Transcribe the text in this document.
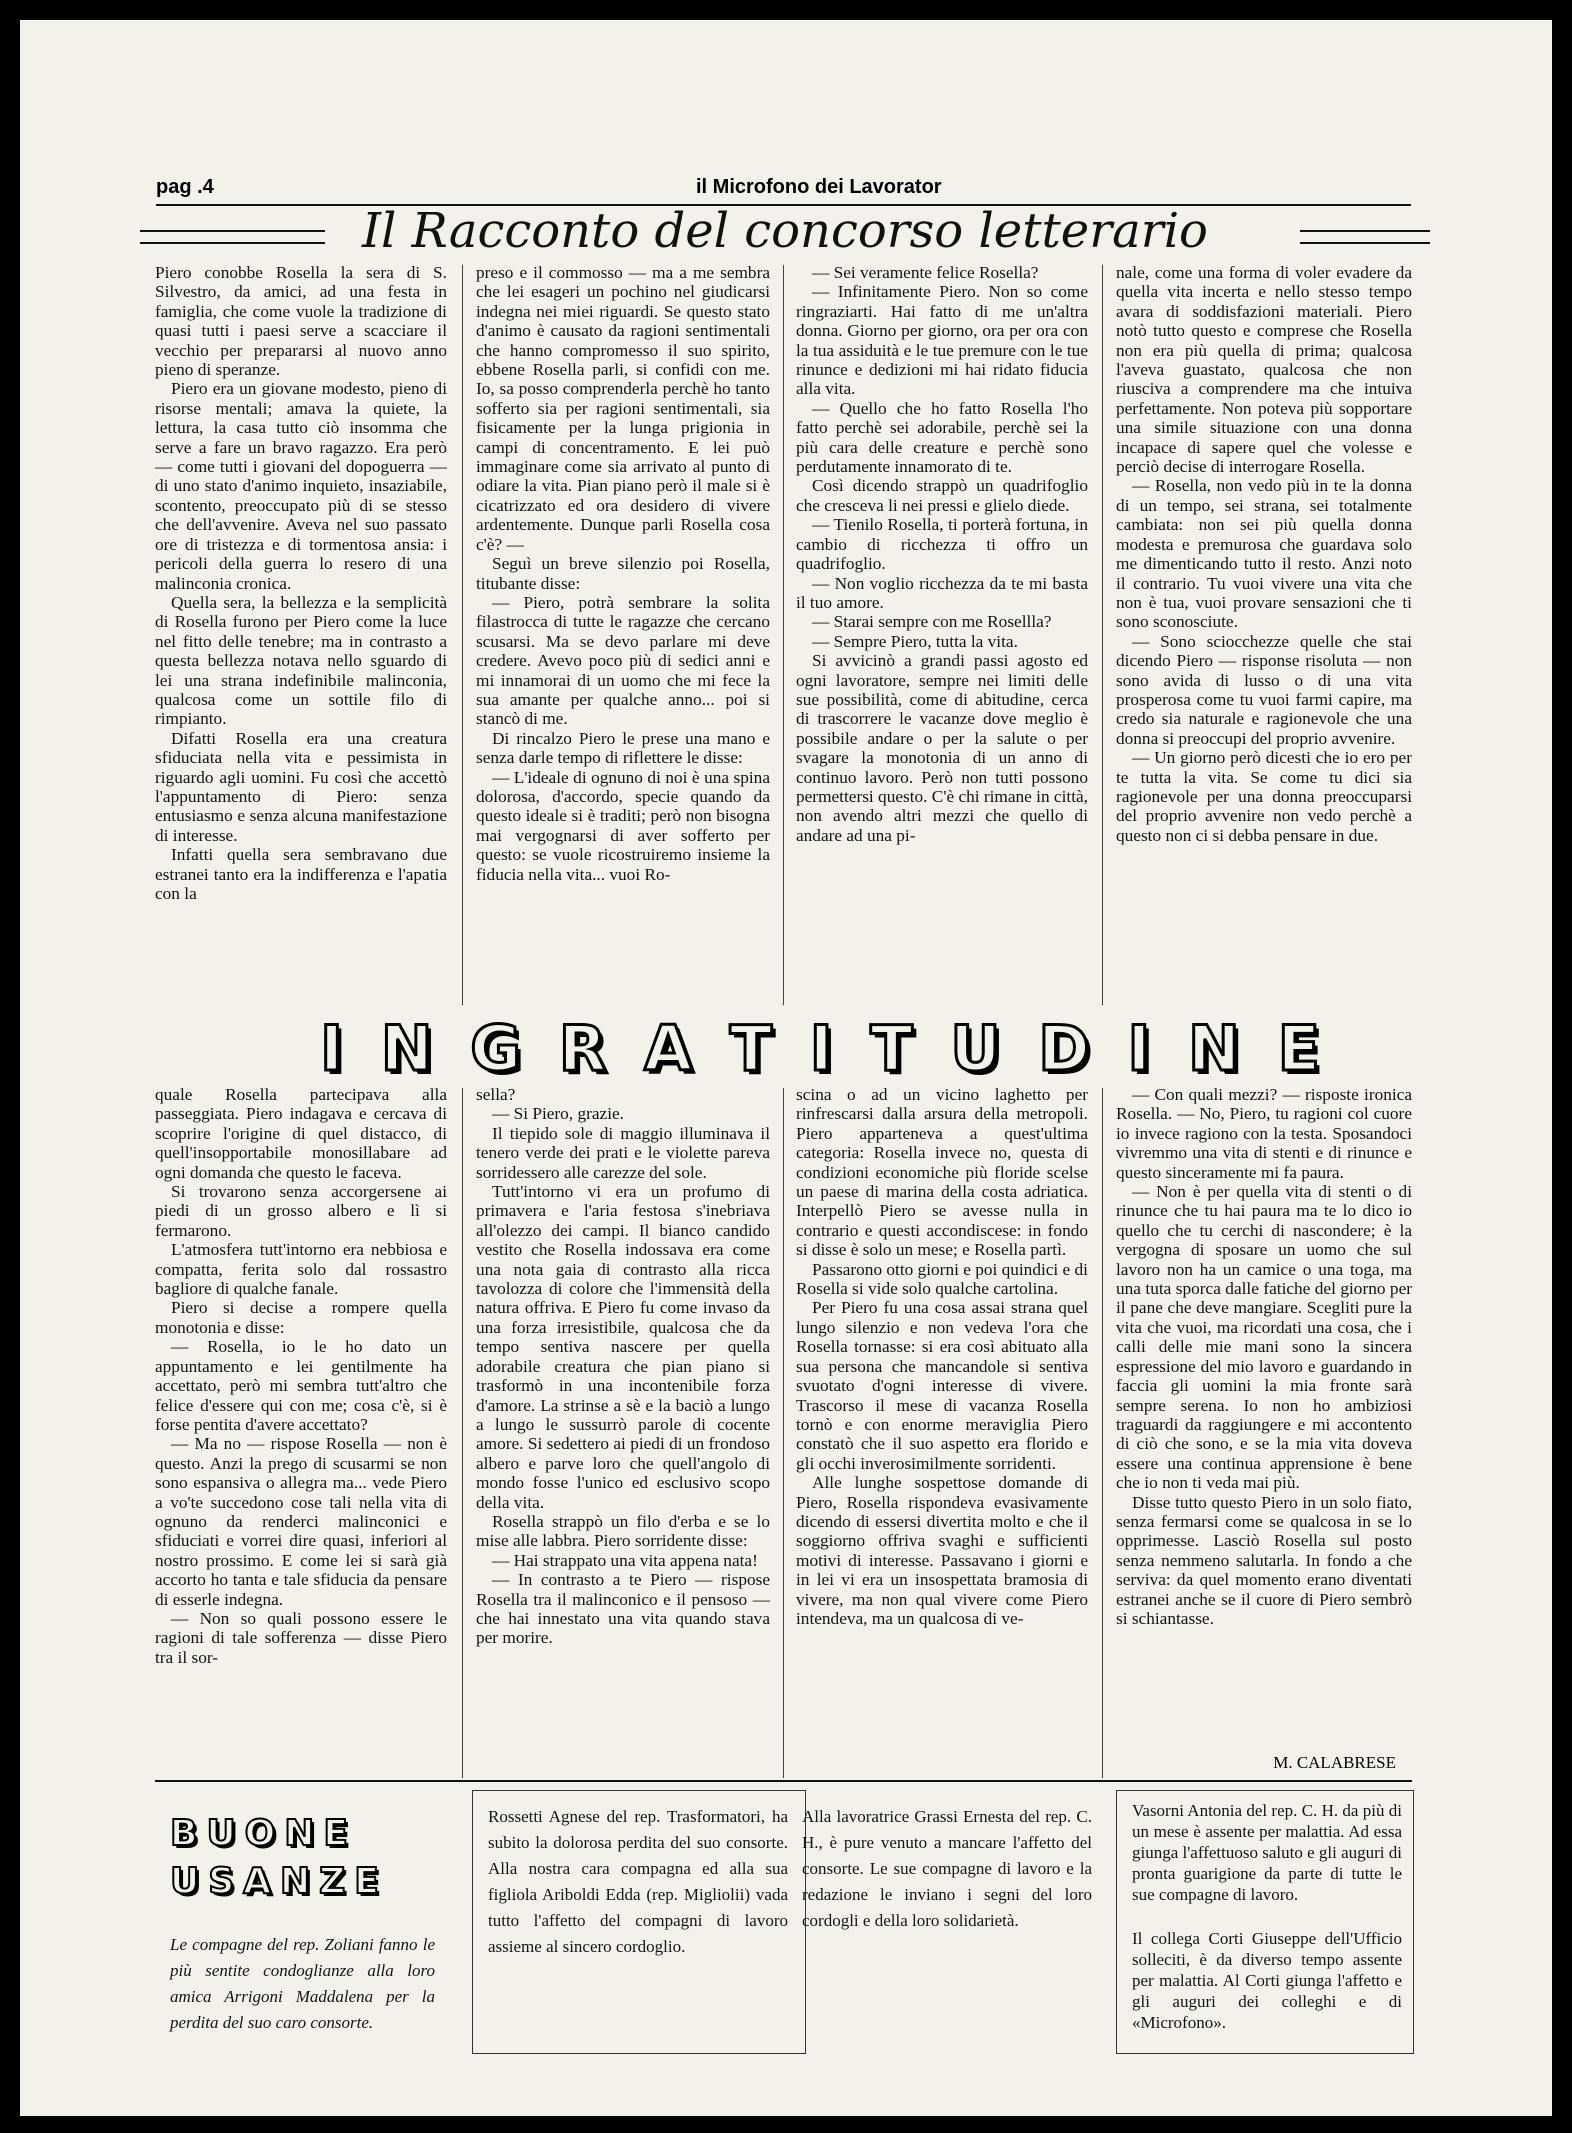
pag .4	il Microfono dei Lavorator
Il Racconto del concorso letterario

Piero conobbe Rosella la sera di S. Silvestro, da amici, ad una festa in famiglia, che come vuole la tradizione di quasi tutti i paesi serve a scacciare il vecchio per prepararsi al nuovo anno pieno di speranze.

Piero era un giovane modesto, pieno di risorse mentali; amava la quiete, la lettura, la casa tutto ciò insomma che serve a fare un bravo ragazzo. Era però — come tutti i giovani del dopoguerra — di uno stato d'animo inquieto, insaziabile, scontento, preoccupato più di se stesso che dell'avvenire. Aveva nel suo passato ore di tristezza e di tormentosa ansia: i pericoli della guerra lo resero di una malinconia cronica.

Quella sera, la bellezza e la semplicità di Rosella furono per Piero come la luce nel fitto delle tenebre; ma in contrasto a questa bellezza notava nello sguardo di lei una strana indefinibile malinconia, qualcosa come un sottile filo di rimpianto.

Difatti Rosella era una creatura sfiduciata nella vita e pessimista in riguardo agli uomini. Fu così che accettò l'appuntamento di Piero: senza entusiasmo e senza alcuna manifestazione di interesse.

Infatti quella sera sembravano due estranei tanto era la indifferenza e l'apatia con la

preso e il commosso — ma a me sembra che lei esageri un pochino nel giudicarsi indegna nei miei riguardi. Se questo stato d'animo è causato da ragioni sentimentali che hanno compromesso il suo spirito, ebbene Rosella parli, si confidi con me. Io, sa posso comprenderla perchè ho tanto sofferto sia per ragioni sentimentali, sia fisicamente per la lunga prigionia in campi di concentramento. E lei può immaginare come sia arrivato al punto di odiare la vita. Pian piano però il male si è cicatrizzato ed ora desidero di vivere ardentemente. Dunque parli Rosella cosa c'è? —

Seguì un breve silenzio poi Rosella, titubante disse:

— Piero, potrà sembrare la solita filastrocca di tutte le ragazze che cercano scusarsi. Ma se devo parlare mi deve credere. Avevo poco più di sedici anni e mi innamorai di un uomo che mi fece la sua amante per qualche anno... poi si stancò di me.

Di rincalzo Piero le prese una mano e senza darle tempo di riflettere le disse:

— L'ideale di ognuno di noi è una spina dolorosa, d'accordo, specie quando da questo ideale si è traditi; però non bisogna mai vergognarsi di aver sofferto per questo: se vuole ricostruiremo insieme la fiducia nella vita... vuoi Ro-

— Sei veramente felice Rosella?

— Infinitamente Piero. Non so come ringraziarti. Hai fatto di me un'altra donna. Giorno per giorno, ora per ora con la tua assiduità e le tue premure con le tue rinunce e dedizioni mi hai ridato fiducia alla vita.

— Quello che ho fatto Rosella l'ho fatto perchè sei adorabile, perchè sei la più cara delle creature e perchè sono perdutamente innamorato di te.

Così dicendo strappò un quadrifoglio che cresceva li nei pressi e glielo diede.

— Tienilo Rosella, ti porterà fortuna, in cambio di ricchezza ti offro un quadrifoglio.

— Non voglio ricchezza da te mi basta il tuo amore.

— Starai sempre con me Rosellla?

— Sempre Piero, tutta la vita.

Si avvicinò a grandi passi agosto ed ogni lavoratore, sempre nei limiti delle sue possibilità, come di abitudine, cerca di trascorrere le vacanze dove meglio è possibile andare o per la salute o per svagare la monotonia di un anno di continuo lavoro. Però non tutti possono permettersi questo. C'è chi rimane in città, non avendo altri mezzi che quello di andare ad una pi-

nale, come una forma di voler evadere da quella vita incerta e nello stesso tempo avara di soddisfazioni materiali. Piero notò tutto questo e comprese che Rosella non era più quella di prima; qualcosa l'aveva guastato, qualcosa che non riusciva a comprendere ma che intuiva perfettamente. Non poteva più sopportare una simile situazione con una donna incapace di sapere quel che volesse e perciò decise di interrogare Rosella.

— Rosella, non vedo più in te la donna di un tempo, sei strana, sei totalmente cambiata: non sei più quella donna modesta e premurosa che guardava solo me dimenticando tutto il resto. Anzi noto il contrario. Tu vuoi vivere una vita che non è tua, vuoi provare sensazioni che ti sono sconosciute.

— Sono sciocchezze quelle che stai dicendo Piero — risponse risoluta — non sono avida di lusso o di una vita prosperosa come tu vuoi farmi capire, ma credo sia naturale e ragionevole che una donna si preoccupi del proprio avvenire.

— Un giorno però dicesti che io ero per te tutta la vita. Se come tu dici sia ragionevole per una donna preoccuparsi del proprio avvenire non vedo perchè a questo non ci si debba pensare in due.

I N G R A T I T U D I N E

quale Rosella partecipava alla passeggiata. Piero indagava e cercava di scoprire l'origine di quel distacco, di quell'insopportabile monosillabare ad ogni domanda che questo le faceva.

Si trovarono senza accorgersene ai piedi di un grosso albero e lì si fermarono.

L'atmosfera tutt'intorno era nebbiosa e compatta, ferita solo dal rossastro bagliore di qualche fanale.

Piero si decise a rompere quella monotonia e disse:

— Rosella, io le ho dato un appuntamento e lei gentilmente ha accettato, però mi sembra tutt'altro che felice d'essere qui con me; cosa c'è, si è forse pentita d'avere accettato?

— Ma no — rispose Rosella — non è questo. Anzi la prego di scusarmi se non sono espansiva o allegra ma... vede Piero a vo'te succedono cose tali nella vita di ognuno da renderci malinconici e sfiduciati e vorrei dire quasi, inferiori al nostro prossimo. E come lei si sarà già accorto ho tanta e tale sfiducia da pensare di esserle indegna.

— Non so quali possono essere le ragioni di tale sofferenza — disse Piero tra il sor-

sella?

— Si Piero, grazie.

Il tiepido sole di maggio illuminava il tenero verde dei prati e le violette pareva sorridessero alle carezze del sole.

Tutt'intorno vi era un profumo di primavera e l'aria festosa s'inebriava all'olezzo dei campi. Il bianco candido vestito che Rosella indossava era come una nota gaia di contrasto alla ricca tavolozza di colore che l'immensità della natura offriva. E Piero fu come invaso da una forza irresistibile, qualcosa che da tempo sentiva nascere per quella adorabile creatura che pian piano si trasformò in una incontenibile forza d'amore. La strinse a sè e la baciò a lungo a lungo le sussurrò parole di cocente amore. Si sedettero ai piedi di un frondoso albero e parve loro che quell'angolo di mondo fosse l'unico ed esclusivo scopo della vita.

Rosella strappò un filo d'erba e se lo mise alle labbra. Piero sorridente disse:

— Hai strappato una vita appena nata!

— In contrasto a te Piero — rispose Rosella tra il malinconico e il pensoso — che hai innestato una vita quando stava per morire.

scina o ad un vicino laghetto per rinfrescarsi dalla arsura della metropoli. Piero apparteneva a quest'ultima categoria: Rosella invece no, questa di condizioni economiche più floride scelse un paese di marina della costa adriatica. Interpellò Piero se avesse nulla in contrario e questi accondiscese: in fondo si disse è solo un mese; e Rosella partì.

Passarono otto giorni e poi quindici e di Rosella si vide solo qualche cartolina.

Per Piero fu una cosa assai strana quel lungo silenzio e non vedeva l'ora che Rosella tornasse: si era così abituato alla sua persona che mancandole si sentiva svuotato d'ogni interesse di vivere. Trascorso il mese di vacanza Rosella tornò e con enorme meraviglia Piero constatò che il suo aspetto era florido e gli occhi inverosimilmente sorridenti.

Alle lunghe sospettose domande di Piero, Rosella rispondeva evasivamente dicendo di essersi divertita molto e che il soggiorno offriva svaghi e sufficienti motivi di interesse. Passavano i giorni e in lei vi era un insospettata bramosia di vivere, ma non qual vivere come Piero intendeva, ma un qualcosa di ve-

— Con quali mezzi? — risposte ironica Rosella. — No, Piero, tu ragioni col cuore io invece ragiono con la testa. Sposandoci vivremmo una vita di stenti e di rinunce e questo sinceramente mi fa paura.

— Non è per quella vita di stenti o di rinunce che tu hai paura ma te lo dico io quello che tu cerchi di nascondere; è la vergogna di sposare un uomo che sul lavoro non ha un camice o una toga, ma una tuta sporca dalle fatiche del giorno per il pane che deve mangiare. Scegliti pure la vita che vuoi, ma ricordati una cosa, che i calli delle mie mani sono la sincera espressione del mio lavoro e guardando in faccia gli uomini la mia fronte sarà sempre serena. Io non ho ambiziosi traguardi da raggiungere e mi accontento di ciò che sono, e se la mia vita doveva essere una continua apprensione è bene che io non ti veda mai più.

Disse tutto questo Piero in un solo fiato, senza fermarsi come se qualcosa in se lo opprimesse. Lasciò Rosella sul posto senza nemmeno salutarla. In fondo a che serviva: da quel momento erano diventati estranei anche se il cuore di Piero sembrò si schiantasse.

M. CALABRESE
BUONE
USANZE
Le compagne del rep. Zoliani fanno le più sentite condoglianze alla loro amica Arrigoni Maddalena per la perdita del suo caro consorte.
Rossetti Agnese del rep. Trasformatori, ha subito la dolorosa perdita del suo consorte. Alla nostra cara compagna ed alla sua figliola Ariboldi Edda (rep. Migliolii) vada tutto l'affetto del compagni di lavoro assieme al sincero cordoglio.
Alla lavoratrice Grassi Ernesta del rep. C. H., è pure venuto a mancare l'affetto del consorte. Le sue compagne di lavoro e la redazione le inviano i segni del loro cordogli e della loro solidarietà.
Vasorni Antonia del rep. C. H. da più di un mese è assente per malattia. Ad essa giunga l'affettuoso saluto e gli auguri di pronta guarigione da parte di tutte le sue compagne di lavoro.
Il collega Corti Giuseppe dell'Ufficio solleciti, è da diverso tempo assente per malattia. Al Corti giunga l'affetto e gli auguri dei colleghi e di «Microfono».
